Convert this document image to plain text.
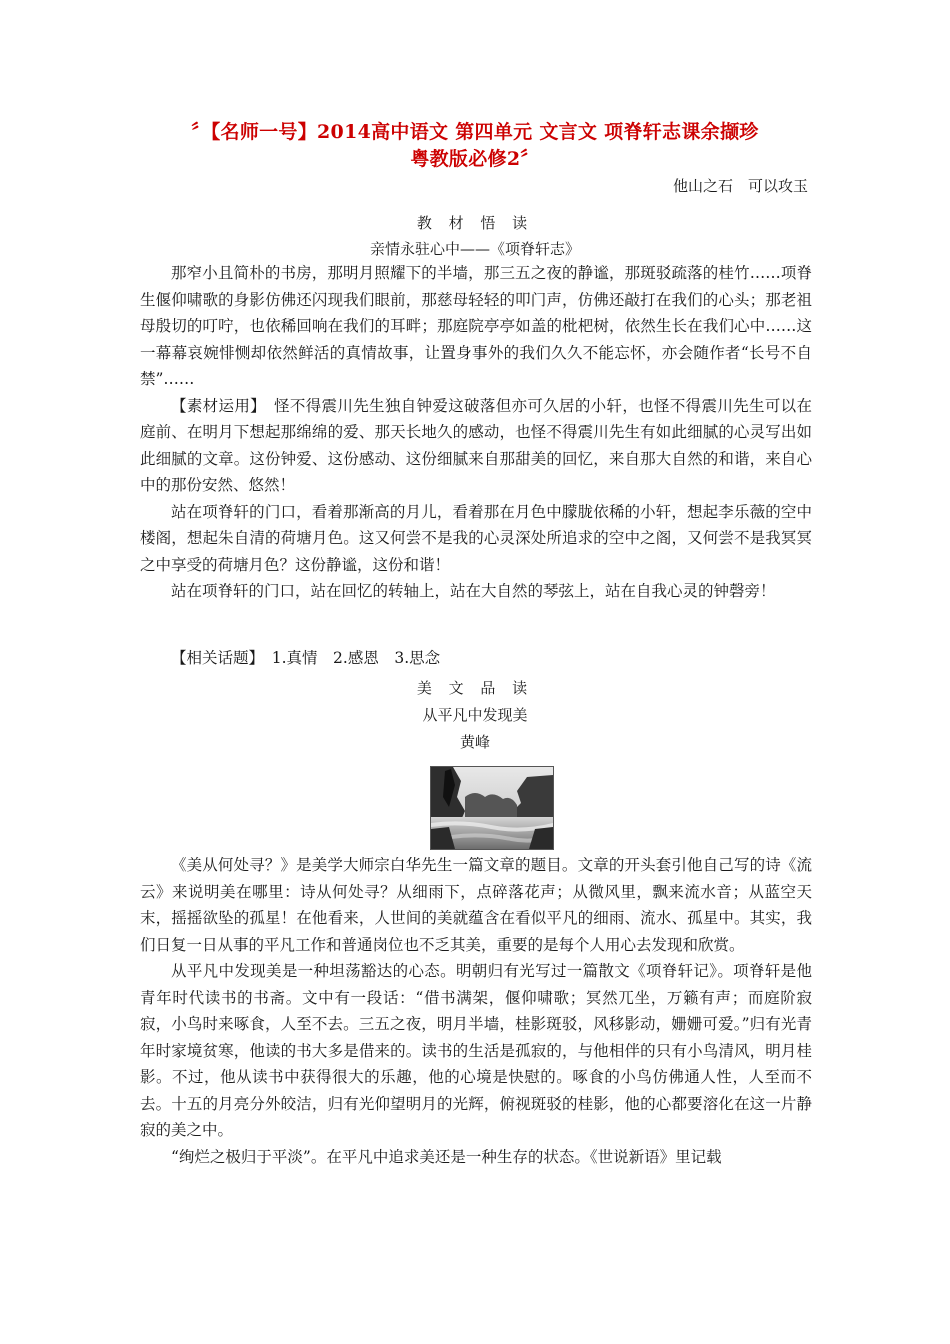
〞【名师一号】2014高中语文 第四单元 文言文 项脊轩志课余撷珍
粤教版必修2〞
他山之石　可以攻玉
教 材 悟 读
亲情永驻心中——《项脊轩志》

那窄小且简朴的书房，那明月照耀下的半墙，那三五之夜的静谧，那斑驳疏落的桂竹……项脊生偃仰啸歌的身影仿佛还闪现我们眼前，那慈母轻轻的叩门声，仿佛还敲打在我们的心头；那老祖母殷切的叮咛，也依稀回响在我们的耳畔；那庭院亭亭如盖的枇杷树，依然生长在我们心中……这一幕幕哀婉悱恻却依然鲜活的真情故事，让置身事外的我们久久不能忘怀，亦会随作者“长号不自禁”……

【素材运用】　怪不得震川先生独自钟爱这破落但亦可久居的小轩，也怪不得震川先生可以在庭前、在明月下想起那绵绵的爱、那天长地久的感动，也怪不得震川先生有如此细腻的心灵写出如此细腻的文章。这份钟爱、这份感动、这份细腻来自那甜美的回忆，来自那大自然的和谐，来自心中的那份安然、悠然！

站在项脊轩的门口，看着那渐高的月儿，看着那在月色中朦胧依稀的小轩，想起李乐薇的空中楼阁，想起朱自清的荷塘月色。这又何尝不是我的心灵深处所追求的空中之阁，又何尝不是我冥冥之中享受的荷塘月色？这份静谧，这份和谐！

站在项脊轩的门口，站在回忆的转轴上，站在大自然的琴弦上，站在自我心灵的钟磬旁！

【相关话题】　1.真情　2.感恩　3.思念

美 文 品 读
从平凡中发现美
黄峰

《美从何处寻？》是美学大师宗白华先生一篇文章的题目。文章的开头套引他自己写的诗《流云》来说明美在哪里：诗从何处寻？从细雨下，点碎落花声；从微风里，飘来流水音；从蓝空天末，摇摇欲坠的孤星！在他看来，人世间的美就蕴含在看似平凡的细雨、流水、孤星中。其实，我们日复一日从事的平凡工作和普通岗位也不乏其美，重要的是每个人用心去发现和欣赏。

从平凡中发现美是一种坦荡豁达的心态。明朝归有光写过一篇散文《项脊轩记》。项脊轩是他青年时代读书的书斋。文中有一段话：“借书满架，偃仰啸歌；冥然兀坐，万籁有声；而庭阶寂寂，小鸟时来啄食，人至不去。三五之夜，明月半墙，桂影斑驳，风移影动，姗姗可爱。”归有光青年时家境贫寒，他读的书大多是借来的。读书的生活是孤寂的，与他相伴的只有小鸟清风，明月桂影。不过，他从读书中获得很大的乐趣，他的心境是快慰的。啄食的小鸟仿佛通人性，人至而不去。十五的月亮分外皎洁，归有光仰望明月的光辉，俯视斑驳的桂影，他的心都要溶化在这一片静寂的美之中。

“绚烂之极归于平淡”。在平凡中追求美还是一种生存的状态。《世说新语》里记载
